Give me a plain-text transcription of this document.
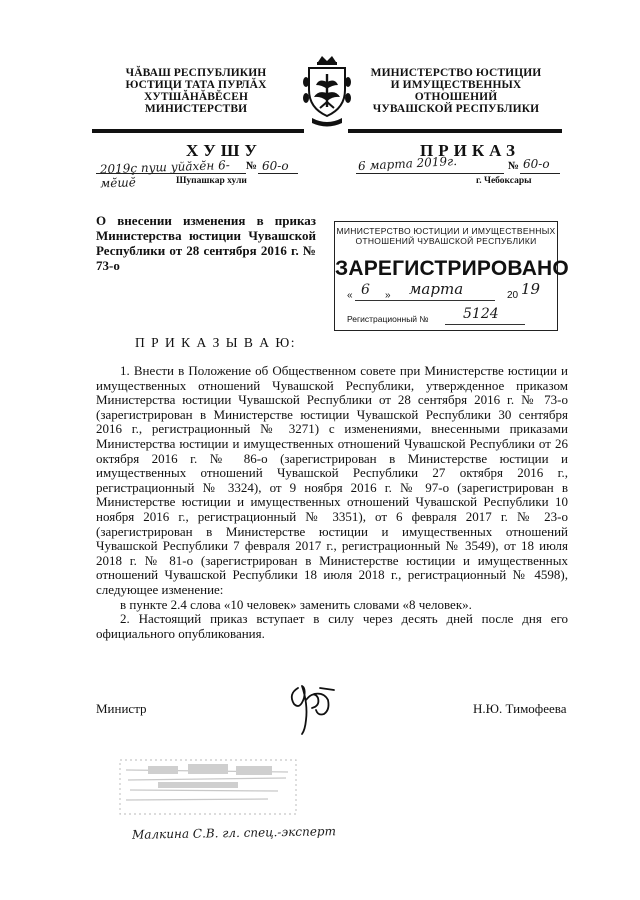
ЧĂВАШ РЕСПУБЛИКИН
ЮСТИЦИ ТАТА ПУРЛĂХ
ХУТШĂНĂВĔСЕН
МИНИСТЕРСТВИ
МИНИСТЕРСТВО ЮСТИЦИИ
И ИМУЩЕСТВЕННЫХ
ОТНОШЕНИЙ
ЧУВАШСКОЙ РЕСПУБЛИКИ
ХУШУ	ПРИКАЗ
2019ç пуш уйăхĕн 6-мĕшĕ
№ 60-о
Шупашкар хули
6 марта 2019г.	№ 60-о
г. Чебоксары
О внесении изменения в приказ Министерства юстиции Чувашской Республики от 28 сентября 2016 г. № 73-о
МИНИСТЕРСТВО ЮСТИЦИИ И ИМУЩЕСТВЕННЫХ
ОТНОШЕНИЙ ЧУВАШСКОЙ РЕСПУБЛИКИ
ЗАРЕГИСТРИРОВАНО
« 6 » марта	20 19
Регистрационный № 5124
П Р И К А З Ы В А Ю:

1. Внести в Положение об Общественном совете при Министерстве юстиции и имущественных отношений Чувашской Республики, утвержденное приказом Министерства юстиции Чувашской Республики от 28 сентября 2016 г. № 73-о (зарегистрирован в Министерстве юстиции Чувашской Республики 30 сентября 2016 г., регистрационный № 3271) с изменениями, внесенными приказами Министерства юстиции и имущественных отношений Чувашской Республики от 26 октября 2016 г. № 86-о (зарегистрирован в Министерстве юстиции и имущественных отношений Чувашской Республики 27 октября 2016 г., регистрационный № 3324), от 9 ноября 2016 г. № 97-о (зарегистрирован в Министерстве юстиции и имущественных отношений Чувашской Республики 10 ноября 2016 г., регистрационный № 3351), от 6 февраля 2017 г. № 23-о (зарегистрирован в Министерстве юстиции и имущественных отношений Чувашской Республики 7 февраля 2017 г., регистрационный № 3549), от 18 июля 2018 г. № 81-о (зарегистрирован в Министерстве юстиции и имущественных отношений Чувашской Республики 18 июля 2018 г., регистрационный № 4598), следующее изменение:

в пункте 2.4 слова «10 человек» заменить словами «8 человек».

2. Настоящий приказ вступает в силу через десять дней после дня его официального опубликования.

Министр	Н.Ю. Тимофеева
Малкина С.В. гл. спец.-эксперт
